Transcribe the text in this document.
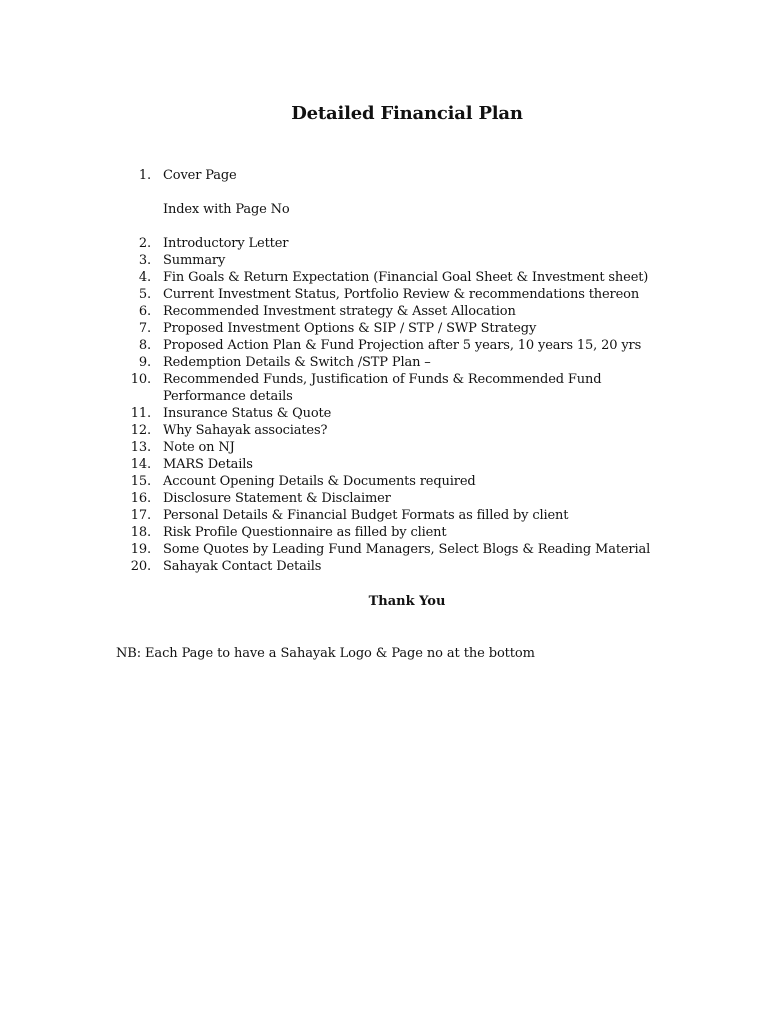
Detailed Financial Plan
1. Cover Page
Index with Page No
2. Introductory Letter
3. Summary
4. Fin Goals & Return Expectation (Financial Goal Sheet & Investment sheet)
5. Current Investment Status, Portfolio Review & recommendations thereon
6. Recommended Investment strategy & Asset Allocation
7. Proposed Investment Options & SIP / STP / SWP Strategy
8. Proposed Action Plan & Fund Projection after 5 years, 10 years 15, 20 yrs
9. Redemption Details & Switch /STP Plan –
10. Recommended Funds, Justification of Funds & Recommended Fund
Performance details
11. Insurance Status & Quote
12. Why Sahayak associates?
13. Note on NJ
14. MARS Details
15. Account Opening Details & Documents required
16. Disclosure Statement & Disclaimer
17. Personal Details & Financial Budget Formats as filled by client
18. Risk Profile Questionnaire as filled by client
19. Some Quotes by Leading Fund Managers, Select Blogs & Reading Material
20. Sahayak Contact Details
Thank You
NB: Each Page to have a Sahayak Logo & Page no at the bottom
